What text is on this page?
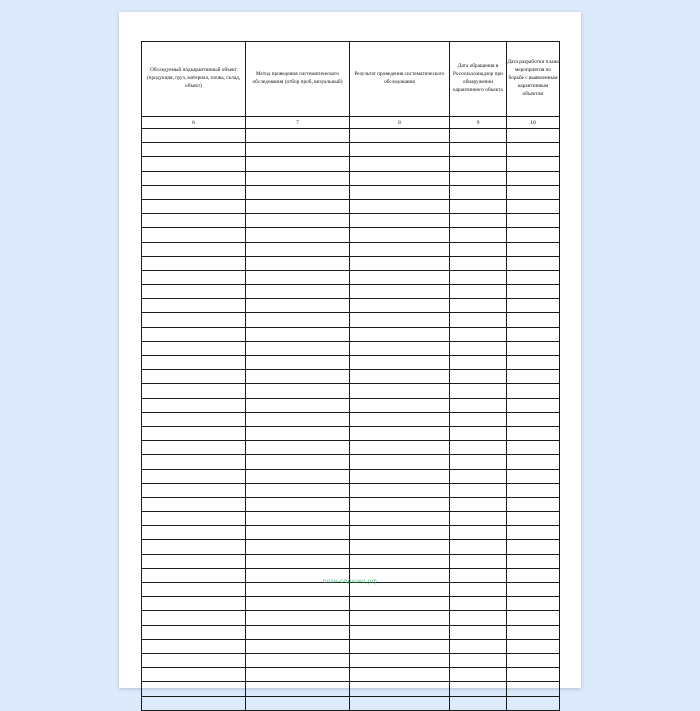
Обследуемый подкарантинный объект (продукция, груз, материал, почва, склад, объект)	Метод проведения систематического обследования (отбор проб, визуальный)	Результат проведения систематического обследования	Дата обращения в Россельхознадзор при обнаружении карантинного объекта	Дата разработки плана мероприятия по борьбе с выявленным карантинным объектом
6	7	8	9	10

блан-образец.рф
